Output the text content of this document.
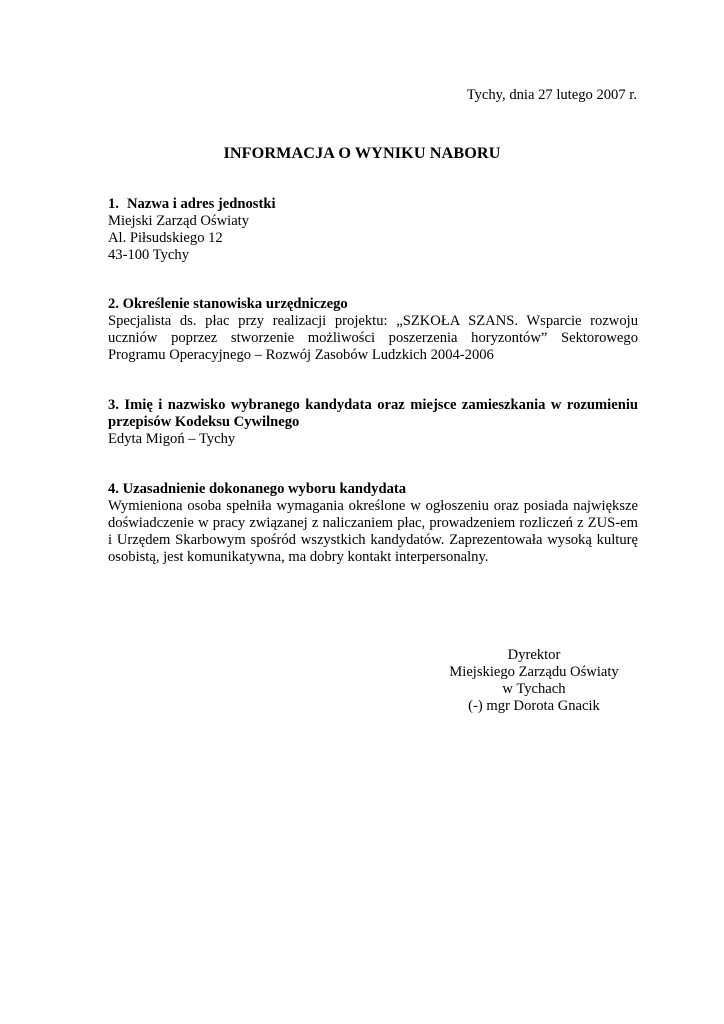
Tychy, dnia 27 lutego 2007 r.
INFORMACJA O WYNIKU NABORU
1. Nazwa i adres jednostki
Miejski Zarząd Oświaty
Al. Piłsudskiego 12
43-100 Tychy
2. Określenie stanowiska urzędniczego
Specjalista ds. płac przy realizacji projektu: „SZKOŁA SZANS. Wsparcie rozwoju
uczniów poprzez stworzenie możliwości poszerzenia horyzontów” Sektorowego
Programu Operacyjnego – Rozwój Zasobów Ludzkich 2004-2006
3. Imię i nazwisko wybranego kandydata oraz miejsce zamieszkania w rozumieniu
przepisów Kodeksu Cywilnego
Edyta Migoń – Tychy
4. Uzasadnienie dokonanego wyboru kandydata
Wymieniona osoba spełniła wymagania określone w ogłoszeniu oraz posiada największe
doświadczenie w pracy związanej z naliczaniem płac, prowadzeniem rozliczeń z ZUS-em
i Urzędem Skarbowym spośród wszystkich kandydatów. Zaprezentowała wysoką kulturę
osobistą, jest komunikatywna, ma dobry kontakt interpersonalny.
Dyrektor
Miejskiego Zarządu Oświaty
w Tychach
(-) mgr Dorota Gnacik
